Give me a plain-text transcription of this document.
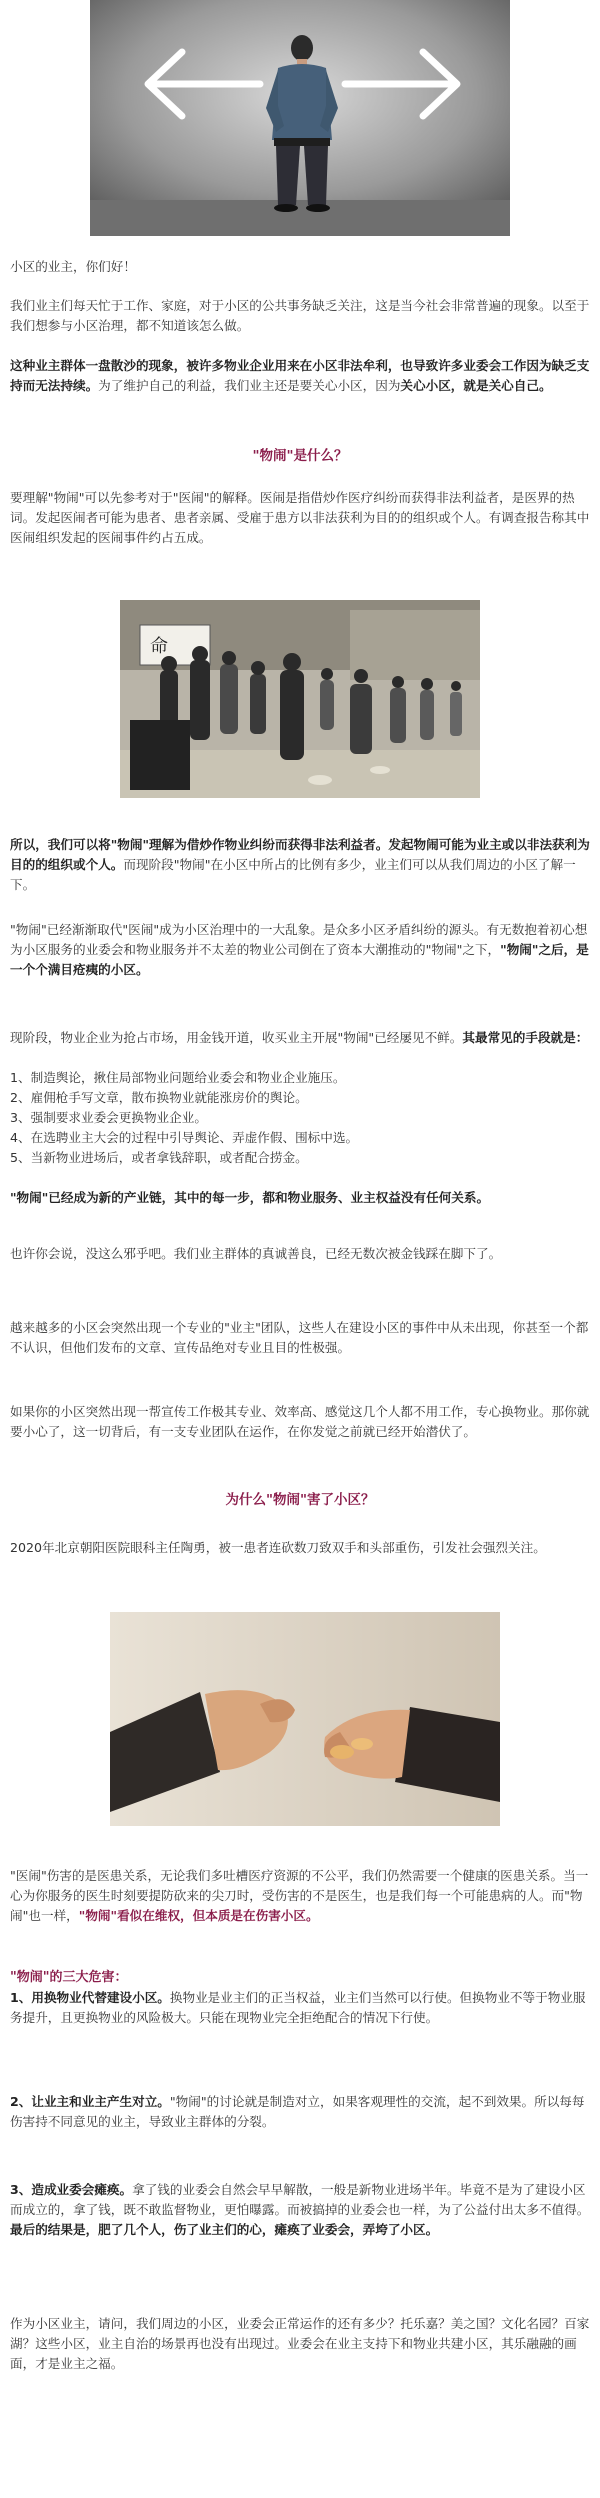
小区的业主，你们好！

我们业主们每天忙于工作、家庭，对于小区的公共事务缺乏关注，这是当今社会非常普遍的现象。以至于我们想参与小区治理，都不知道该怎么做。

这种业主群体一盘散沙的现象，被许多物业企业用来在小区非法牟利，也导致许多业委会工作因为缺乏支持而无法持续。为了维护自己的利益，我们业主还是要关心小区，因为关心小区，就是关心自己。

"物闹"是什么？

要理解"物闹"可以先参考对于"医闹"的解释。医闹是指借炒作医疗纠纷而获得非法利益者，是医界的热词。发起医闹者可能为患者、患者亲属、受雇于患方以非法获利为目的的组织或个人。有调查报告称其中医闹组织发起的医闹事件约占五成。

命

所以，我们可以将"物闹"理解为借炒作物业纠纷而获得非法利益者。发起物闹可能为业主或以非法获利为目的的组织或个人。而现阶段"物闹"在小区中所占的比例有多少，业主们可以从我们周边的小区了解一下。

"物闹"已经渐渐取代"医闹"成为小区治理中的一大乱象。是众多小区矛盾纠纷的源头。有无数抱着初心想为小区服务的业委会和物业服务并不太差的物业公司倒在了资本大潮推动的"物闹"之下，"物闹"之后，是一个个满目疮痍的小区。

现阶段，物业企业为抢占市场，用金钱开道，收买业主开展"物闹"已经屡见不鲜。其最常见的手段就是：

1、制造舆论，揪住局部物业问题给业委会和物业企业施压。

2、雇佣枪手写文章，散布换物业就能涨房价的舆论。

3、强制要求业委会更换物业企业。

4、在选聘业主大会的过程中引导舆论、弄虚作假、围标中选。

5、当新物业进场后，或者拿钱辞职，或者配合捞金。

"物闹"已经成为新的产业链，其中的每一步，都和物业服务、业主权益没有任何关系。

也许你会说，没这么邪乎吧。我们业主群体的真诚善良，已经无数次被金钱踩在脚下了。

越来越多的小区会突然出现一个专业的"业主"团队，这些人在建设小区的事件中从未出现，你甚至一个都不认识，但他们发布的文章、宣传品绝对专业且目的性极强。

如果你的小区突然出现一帮宣传工作极其专业、效率高、感觉这几个人都不用工作，专心换物业。那你就要小心了，这一切背后，有一支专业团队在运作，在你发觉之前就已经开始潜伏了。

为什么"物闹"害了小区？

2020年北京朝阳医院眼科主任陶勇，被一患者连砍数刀致双手和头部重伤，引发社会强烈关注。

"医闹"伤害的是医患关系，无论我们多吐槽医疗资源的不公平，我们仍然需要一个健康的医患关系。当一心为你服务的医生时刻要提防砍来的尖刀时，受伤害的不是医生，也是我们每一个可能患病的人。而"物闹"也一样，"物闹"看似在维权，但本质是在伤害小区。

"物闹"的三大危害：

1、用换物业代替建设小区。换物业是业主们的正当权益，业主们当然可以行使。但换物业不等于物业服务提升，且更换物业的风险极大。只能在现物业完全拒绝配合的情况下行使。

2、让业主和业主产生对立。"物闹"的讨论就是制造对立，如果客观理性的交流，起不到效果。所以每每伤害持不同意见的业主，导致业主群体的分裂。

3、造成业委会瘫痪。拿了钱的业委会自然会早早解散，一般是新物业进场半年。毕竟不是为了建设小区而成立的，拿了钱，既不敢监督物业，更怕曝露。而被搞掉的业委会也一样，为了公益付出太多不值得。最后的结果是，肥了几个人，伤了业主们的心，瘫痪了业委会，弄垮了小区。

作为小区业主，请问，我们周边的小区，业委会正常运作的还有多少？托乐嘉？美之国？文化名园？百家湖？这些小区，业主自治的场景再也没有出现过。业委会在业主支持下和物业共建小区，其乐融融的画面，才是业主之福。
